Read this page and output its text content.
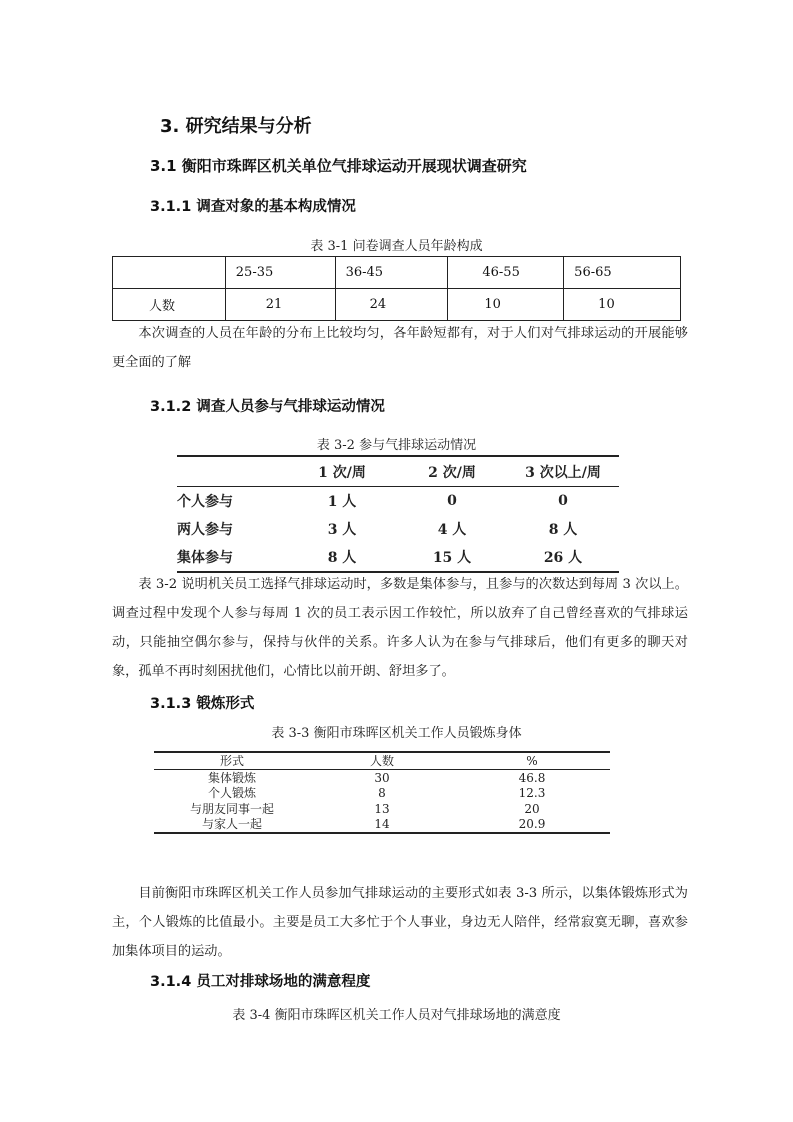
3. 研究结果与分析
3.1 衡阳市珠晖区机关单位气排球运动开展现状调查研究
3.1.1 调查对象的基本构成情况
表 3-1 问卷调查人员年龄构成
	25-35	36-45	46-55	56-65
人数	21	24	10	10
本次调查的人员在年龄的分布上比较均匀，各年龄短都有，对于人们对气排球运动的开展能够更全面的了解
3.1.2 调查人员参与气排球运动情况
表 3-2 参与气排球运动情况
	1 次/周	2 次/周	3 次以上/周
个人参与	1 人	0	0
两人参与	3 人	4 人	8 人
集体参与	8 人	15 人	26 人
表 3-2 说明机关员工选择气排球运动时，多数是集体参与，且参与的次数达到每周 3 次以上。调查过程中发现个人参与每周 1 次的员工表示因工作较忙，所以放弃了自己曾经喜欢的气排球运动，只能抽空偶尔参与，保持与伙伴的关系。许多人认为在参与气排球后，他们有更多的聊天对象，孤单不再时刻困扰他们，心情比以前开朗、舒坦多了。
3.1.3 锻炼形式
表 3-3 衡阳市珠晖区机关工作人员锻炼身体
形式	人数	%
集体锻炼	30	46.8
个人锻炼	8	12.3
与朋友同事一起	13	20
与家人一起	14	20.9
目前衡阳市珠晖区机关工作人员参加气排球运动的主要形式如表 3-3 所示，以集体锻炼形式为主，个人锻炼的比值最小。主要是员工大多忙于个人事业，身边无人陪伴，经常寂寞无聊，喜欢参加集体项目的运动。
3.1.4 员工对排球场地的满意程度
表 3-4 衡阳市珠晖区机关工作人员对气排球场地的满意度
